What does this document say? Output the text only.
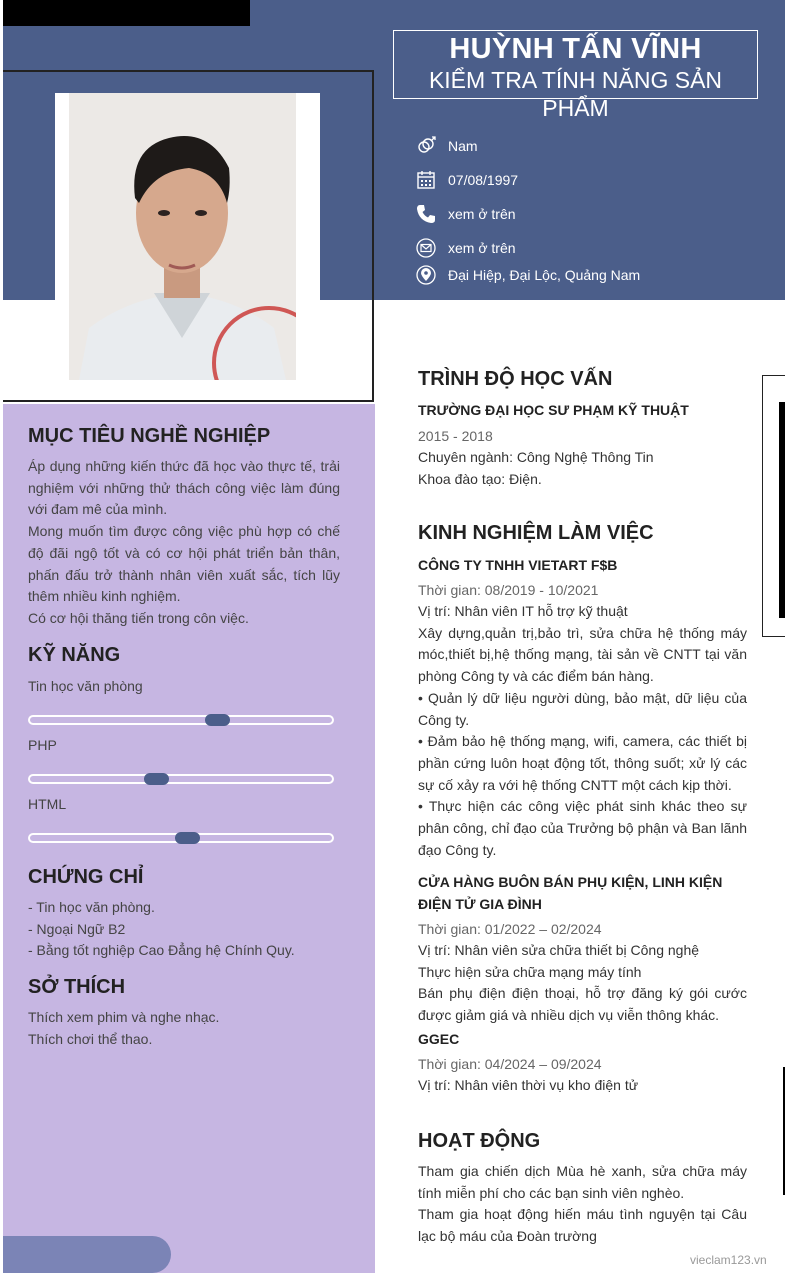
HUỲNH TẤN VĨNH
KIỂM TRA TÍNH NĂNG SẢN PHẨM
Nam
07/08/1997
xem ở trên
xem ở trên
Đại Hiệp, Đại Lộc, Quảng Nam
MỤC TIÊU NGHỀ NGHIỆP
Áp dụng những kiến thức đã học vào thực tế, trải nghiệm với những thử thách công việc làm đúng với đam mê của mình.
Mong muốn tìm được công việc phù hợp có chế độ đãi ngộ tốt và có cơ hội phát triển bản thân, phấn đấu trở thành nhân viên xuất sắc, tích lũy thêm nhiều kinh nghiệm.
Có cơ hội thăng tiến trong côn việc.
KỸ NĂNG
Tin học văn phòng
PHP
HTML
CHỨNG CHỈ
- Tin học văn phòng.
- Ngoại Ngữ B2
- Bằng tốt nghiệp Cao Đẳng hệ Chính Quy.
SỞ THÍCH
Thích xem phim và nghe nhạc.
Thích chơi thể thao.
TRÌNH ĐỘ HỌC VẤN
TRƯỜNG ĐẠI HỌC SƯ PHẠM KỸ THUẬT
2015 - 2018
Chuyên ngành: Công Nghệ Thông Tin
Khoa đào tạo: Điện.
KINH NGHIỆM LÀM VIỆC
CÔNG TY TNHH VIETART F$B
Thời gian: 08/2019 - 10/2021
Vị trí: Nhân viên IT hỗ trợ kỹ thuật
Xây dựng,quản trị,bảo trì, sửa chữa hệ thống máy móc,thiết bị,hệ thống mạng, tài sản về CNTT tại văn phòng Công ty và các điểm bán hàng.
• Quản lý dữ liệu người dùng, bảo mật, dữ liệu của Công ty.
• Đảm bảo hệ thống mạng, wifi, camera, các thiết bị phần cứng luôn hoạt động tốt, thông suốt; xử lý các sự cố xảy ra với hệ thống CNTT một cách kịp thời.
• Thực hiện các công việc phát sinh khác theo sự phân công, chỉ đạo của Trưởng bộ phận và Ban lãnh đạo Công ty.
CỬA HÀNG BUÔN BÁN PHỤ KIỆN, LINH KIỆN ĐIỆN TỬ GIA ĐÌNH
Thời gian: 01/2022 – 02/2024
Vị trí: Nhân viên sửa chữa thiết bị Công nghệ
Thực hiện sửa chữa mạng máy tính
Bán phụ điện điện thoại, hỗ trợ đăng ký gói cước được giảm giá và nhiều dịch vụ viễn thông khác.
GGEC
Thời gian: 04/2024 – 09/2024
Vị trí: Nhân viên thời vụ kho điện tử
HOẠT ĐỘNG
Tham gia chiến dịch Mùa hè xanh, sửa chữa máy tính miễn phí cho các bạn sinh viên nghèo.
Tham gia hoạt động hiến máu tình nguyện tại Câu lạc bộ máu của Đoàn trường
vieclam123.vn
